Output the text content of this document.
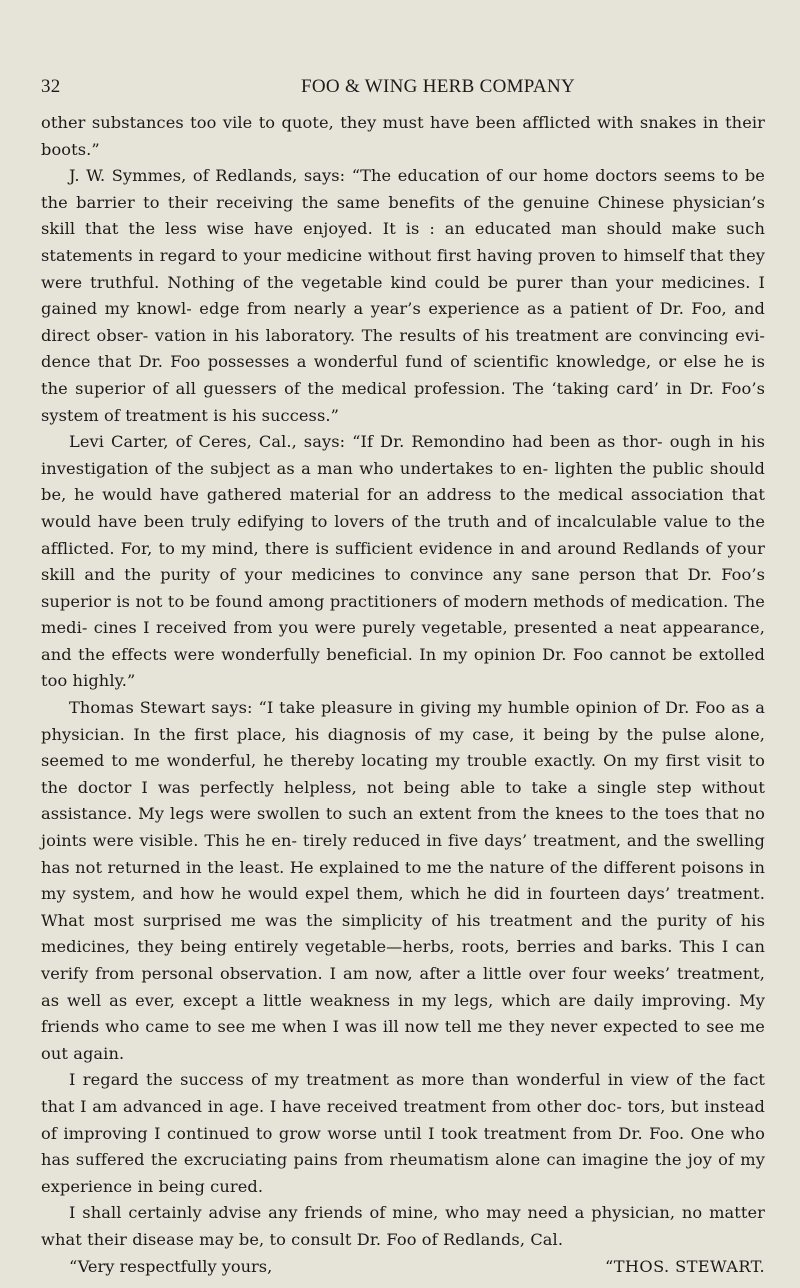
32	FOO & WING HERB COMPANY

other substances too vile to quote, they must have been afflicted with snakes in their boots.”

J. W. Symmes, of Redlands, says: “The education of our home doctors seems to be the barrier to their receiving the same benefits of the genuine Chinese physician’s skill that the less wise have enjoyed. It is : an educated man should make such statements in regard to your medicine without first having proven to himself that they were truthful. Nothing of the vegetable kind could be purer than your medicines. I gained my knowl- edge from nearly a year’s experience as a patient of Dr. Foo, and direct obser- vation in his laboratory. The results of his treatment are convincing evi- dence that Dr. Foo possesses a wonderful fund of scientific knowledge, or else he is the superior of all guessers of the medical profession. The ‘taking card’ in Dr. Foo’s system of treatment is his success.”

Levi Carter, of Ceres, Cal., says: “If Dr. Remondino had been as thor- ough in his investigation of the subject as a man who undertakes to en- lighten the public should be, he would have gathered material for an address to the medical association that would have been truly edifying to lovers of the truth and of incalculable value to the afflicted. For, to my mind, there is sufficient evidence in and around Redlands of your skill and the purity of your medicines to convince any sane person that Dr. Foo’s superior is not to be found among practitioners of modern methods of medication. The medi- cines I received from you were purely vegetable, presented a neat appearance, and the effects were wonderfully beneficial. In my opinion Dr. Foo cannot be extolled too highly.”

Thomas Stewart says: “I take pleasure in giving my humble opinion of Dr. Foo as a physician. In the first place, his diagnosis of my case, it being by the pulse alone, seemed to me wonderful, he thereby locating my trouble exactly. On my first visit to the doctor I was perfectly helpless, not being able to take a single step without assistance. My legs were swollen to such an extent from the knees to the toes that no joints were visible. This he en- tirely reduced in five days’ treatment, and the swelling has not returned in the least. He explained to me the nature of the different poisons in my system, and how he would expel them, which he did in fourteen days’ treatment. What most surprised me was the simplicity of his treatment and the purity of his medicines, they being entirely vegetable—herbs, roots, berries and barks. This I can verify from personal observation. I am now, after a little over four weeks’ treatment, as well as ever, except a little weakness in my legs, which are daily improving. My friends who came to see me when I was ill now tell me they never expected to see me out again.

I regard the success of my treatment as more than wonderful in view of the fact that I am advanced in age. I have received treatment from other doc- tors, but instead of improving I continued to grow worse until I took treatment from Dr. Foo. One who has suffered the excruciating pains from rheumatism alone can imagine the joy of my experience in being cured.

I shall certainly advise any friends of mine, who may need a physician, no matter what their disease may be, to consult Dr. Foo of Redlands, Cal.

“Very respectfully yours,	“THOS. STEWART.
